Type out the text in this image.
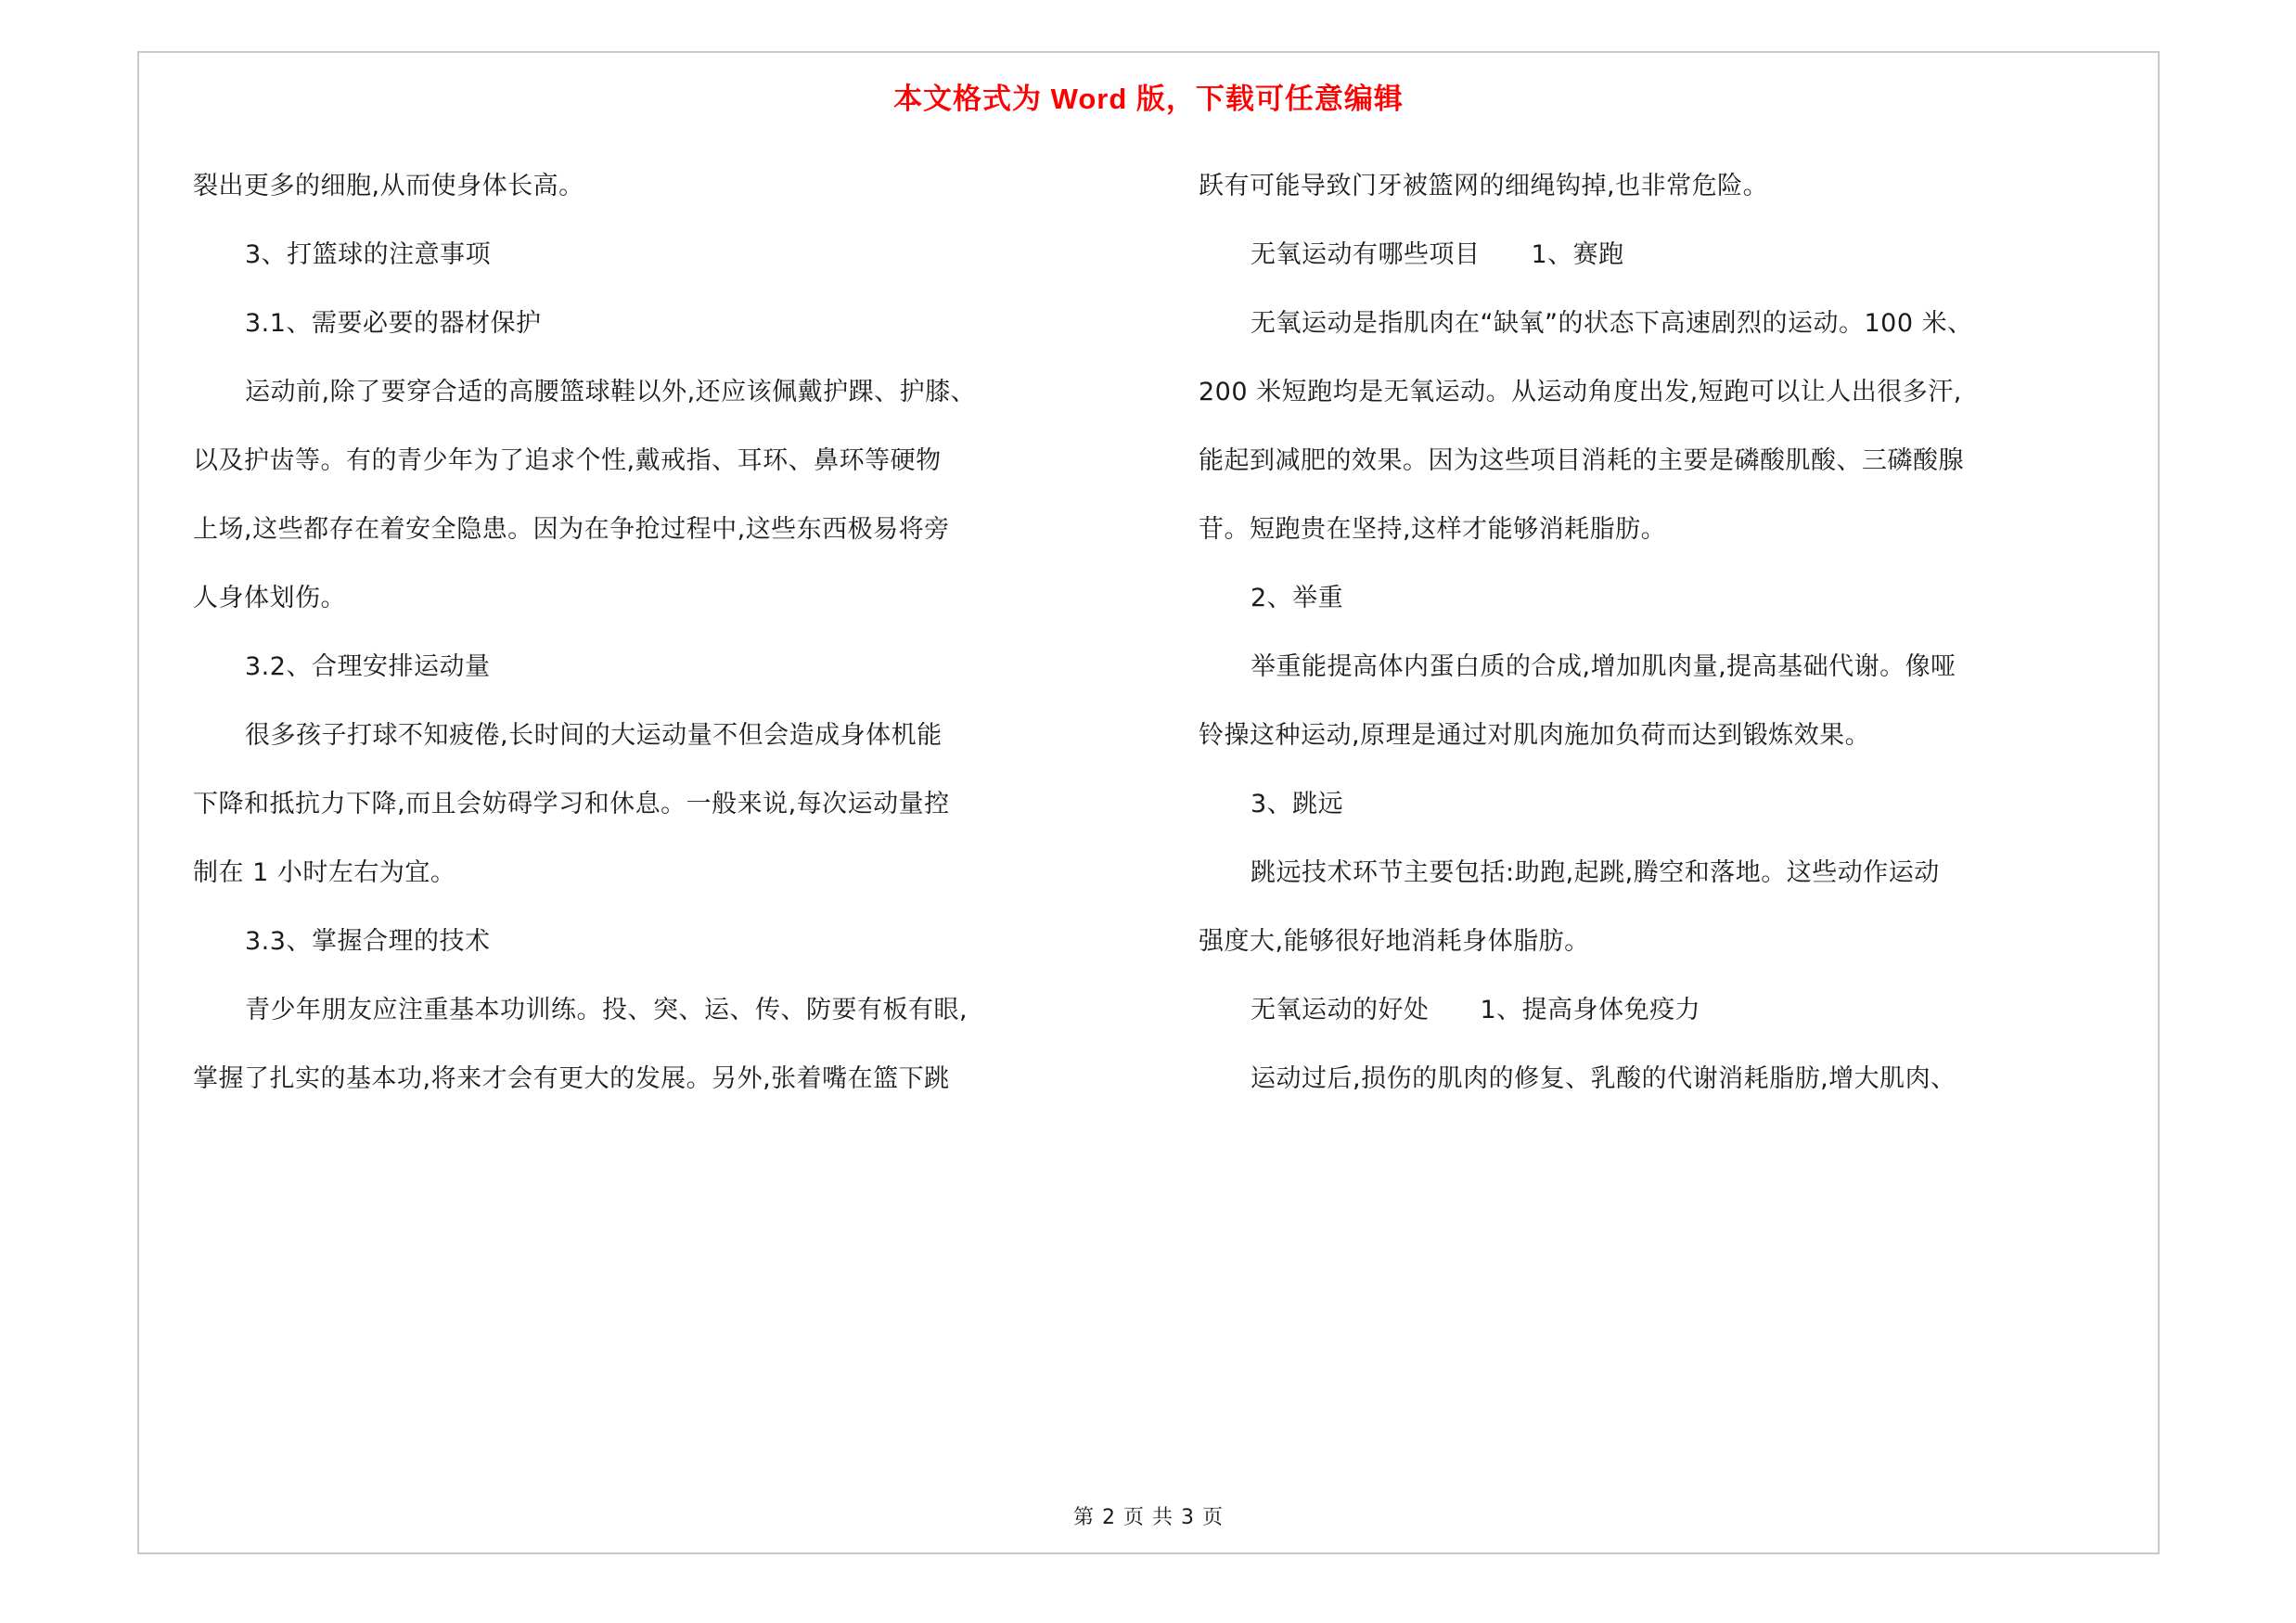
本文格式为 Word 版，下载可任意编辑

裂出更多的细胞,从而使身体长高。

3、打篮球的注意事项

3.1、需要必要的器材保护

运动前,除了要穿合适的高腰篮球鞋以外,还应该佩戴护踝、护膝、

以及护齿等。有的青少年为了追求个性,戴戒指、耳环、鼻环等硬物

上场,这些都存在着安全隐患。因为在争抢过程中,这些东西极易将旁

人身体划伤。

3.2、合理安排运动量

很多孩子打球不知疲倦,长时间的大运动量不但会造成身体机能

下降和抵抗力下降,而且会妨碍学习和休息。一般来说,每次运动量控

制在 1 小时左右为宜。

3.3、掌握合理的技术

青少年朋友应注重基本功训练。投、突、运、传、防要有板有眼,

掌握了扎实的基本功,将来才会有更大的发展。另外,张着嘴在篮下跳

跃有可能导致门牙被篮网的细绳钩掉,也非常危险。

无氧运动有哪些项目　　1、赛跑

无氧运动是指肌肉在“缺氧”的状态下高速剧烈的运动。100 米、

200 米短跑均是无氧运动。从运动角度出发,短跑可以让人出很多汗,

能起到减肥的效果。因为这些项目消耗的主要是磷酸肌酸、三磷酸腺

苷。短跑贵在坚持,这样才能够消耗脂肪。

2、举重

举重能提高体内蛋白质的合成,增加肌肉量,提高基础代谢。像哑

铃操这种运动,原理是通过对肌肉施加负荷而达到锻炼效果。

3、跳远

跳远技术环节主要包括:助跑,起跳,腾空和落地。这些动作运动

强度大,能够很好地消耗身体脂肪。

无氧运动的好处　　1、提高身体免疫力

运动过后,损伤的肌肉的修复、乳酸的代谢消耗脂肪,增大肌肉、

第 2 页 共 3 页
